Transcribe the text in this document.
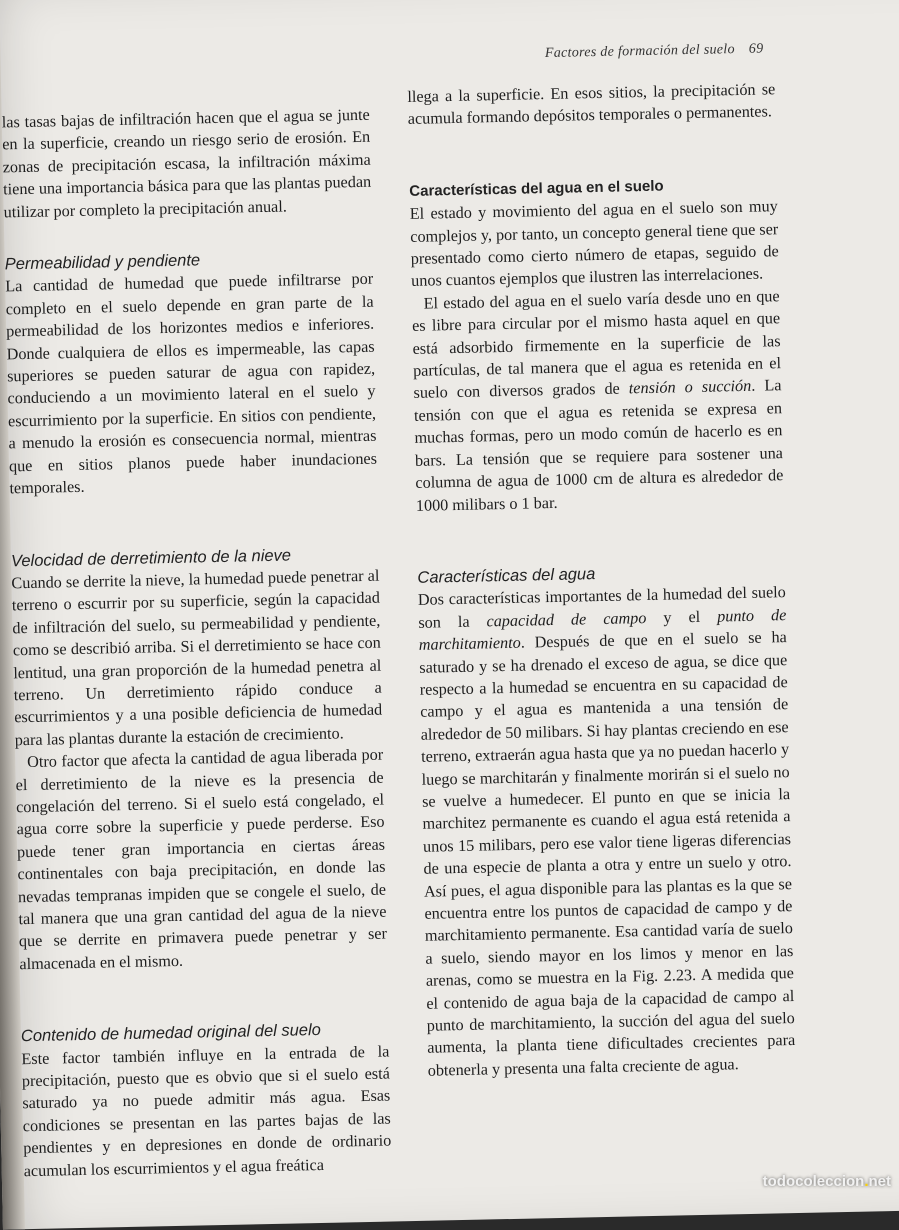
Factores de formación del suelo 69

las tasas bajas de infiltración hacen que el agua se junte en la superficie, creando un riesgo serio de erosión. En zonas de precipitación escasa, la infiltración máxima tiene una importancia básica para que las plantas puedan utilizar por completo la precipitación anual.

Permeabilidad y pendiente

La cantidad de humedad que puede infiltrarse por completo en el suelo depende en gran parte de la permeabilidad de los horizontes medios e inferiores. Donde cualquiera de ellos es impermeable, las capas superiores se pueden saturar de agua con rapidez, conduciendo a un movimiento lateral en el suelo y escurrimiento por la superficie. En sitios con pendiente, a menudo la erosión es consecuencia normal, mientras que en sitios planos puede haber inundaciones temporales.

Velocidad de derretimiento de la nieve

Cuando se derrite la nieve, la humedad puede penetrar al terreno o escurrir por su superficie, según la capacidad de infiltración del suelo, su permeabilidad y pendiente, como se describió arriba. Si el derretimiento se hace con lentitud, una gran proporción de la humedad penetra al terreno. Un derretimiento rápido conduce a escurrimientos y a una posible deficiencia de humedad para las plantas durante la estación de crecimiento.

Otro factor que afecta la cantidad de agua liberada por el derretimiento de la nieve es la presencia de congelación del terreno. Si el suelo está congelado, el agua corre sobre la superficie y puede perderse. Eso puede tener gran importancia en ciertas áreas continentales con baja precipitación, en donde las nevadas tempranas impiden que se congele el suelo, de tal manera que una gran cantidad del agua de la nieve que se derrite en primavera puede penetrar y ser almacenada en el mismo.

Contenido de humedad original del suelo

Este factor también influye en la entrada de la precipitación, puesto que es obvio que si el suelo está saturado ya no puede admitir más agua. Esas condiciones se presentan en las partes bajas de las pendientes y en depresiones en donde de ordinario acumulan los escurrimientos y el agua freática

llega a la superficie. En esos sitios, la precipitación se acumula formando depósitos temporales o permanentes.

Características del agua en el suelo

El estado y movimiento del agua en el suelo son muy complejos y, por tanto, un concepto general tiene que ser presentado como cierto número de etapas, seguido de unos cuantos ejemplos que ilustren las interrelaciones.

El estado del agua en el suelo varía desde uno en que es libre para circular por el mismo hasta aquel en que está adsorbido firmemente en la superficie de las partículas, de tal manera que el agua es retenida en el suelo con diversos grados de tensión o succión. La tensión con que el agua es retenida se expresa en muchas formas, pero un modo común de hacerlo es en bars. La tensión que se requiere para sostener una columna de agua de 1000 cm de altura es alrededor de 1000 milibars o 1 bar.

Características del agua

Dos características importantes de la humedad del suelo son la capacidad de campo y el punto de marchitamiento. Después de que en el suelo se ha saturado y se ha drenado el exceso de agua, se dice que respecto a la humedad se encuentra en su capacidad de campo y el agua es mantenida a una tensión de alrededor de 50 milibars. Si hay plantas creciendo en ese terreno, extraerán agua hasta que ya no puedan hacerlo y luego se marchitarán y finalmente morirán si el suelo no se vuelve a humedecer. El punto en que se inicia la marchitez permanente es cuando el agua está retenida a unos 15 milibars, pero ese valor tiene ligeras diferencias de una especie de planta a otra y entre un suelo y otro. Así pues, el agua disponible para las plantas es la que se encuentra entre los puntos de capacidad de campo y de marchitamiento permanente. Esa cantidad varía de suelo a suelo, siendo mayor en los limos y menor en las arenas, como se muestra en la Fig. 2.23. A medida que el contenido de agua baja de la capacidad de campo al punto de marchitamiento, la succión del agua del suelo aumenta, la planta tiene dificultades crecientes para obtenerla y presenta una falta creciente de agua.

todocoleccion.net
